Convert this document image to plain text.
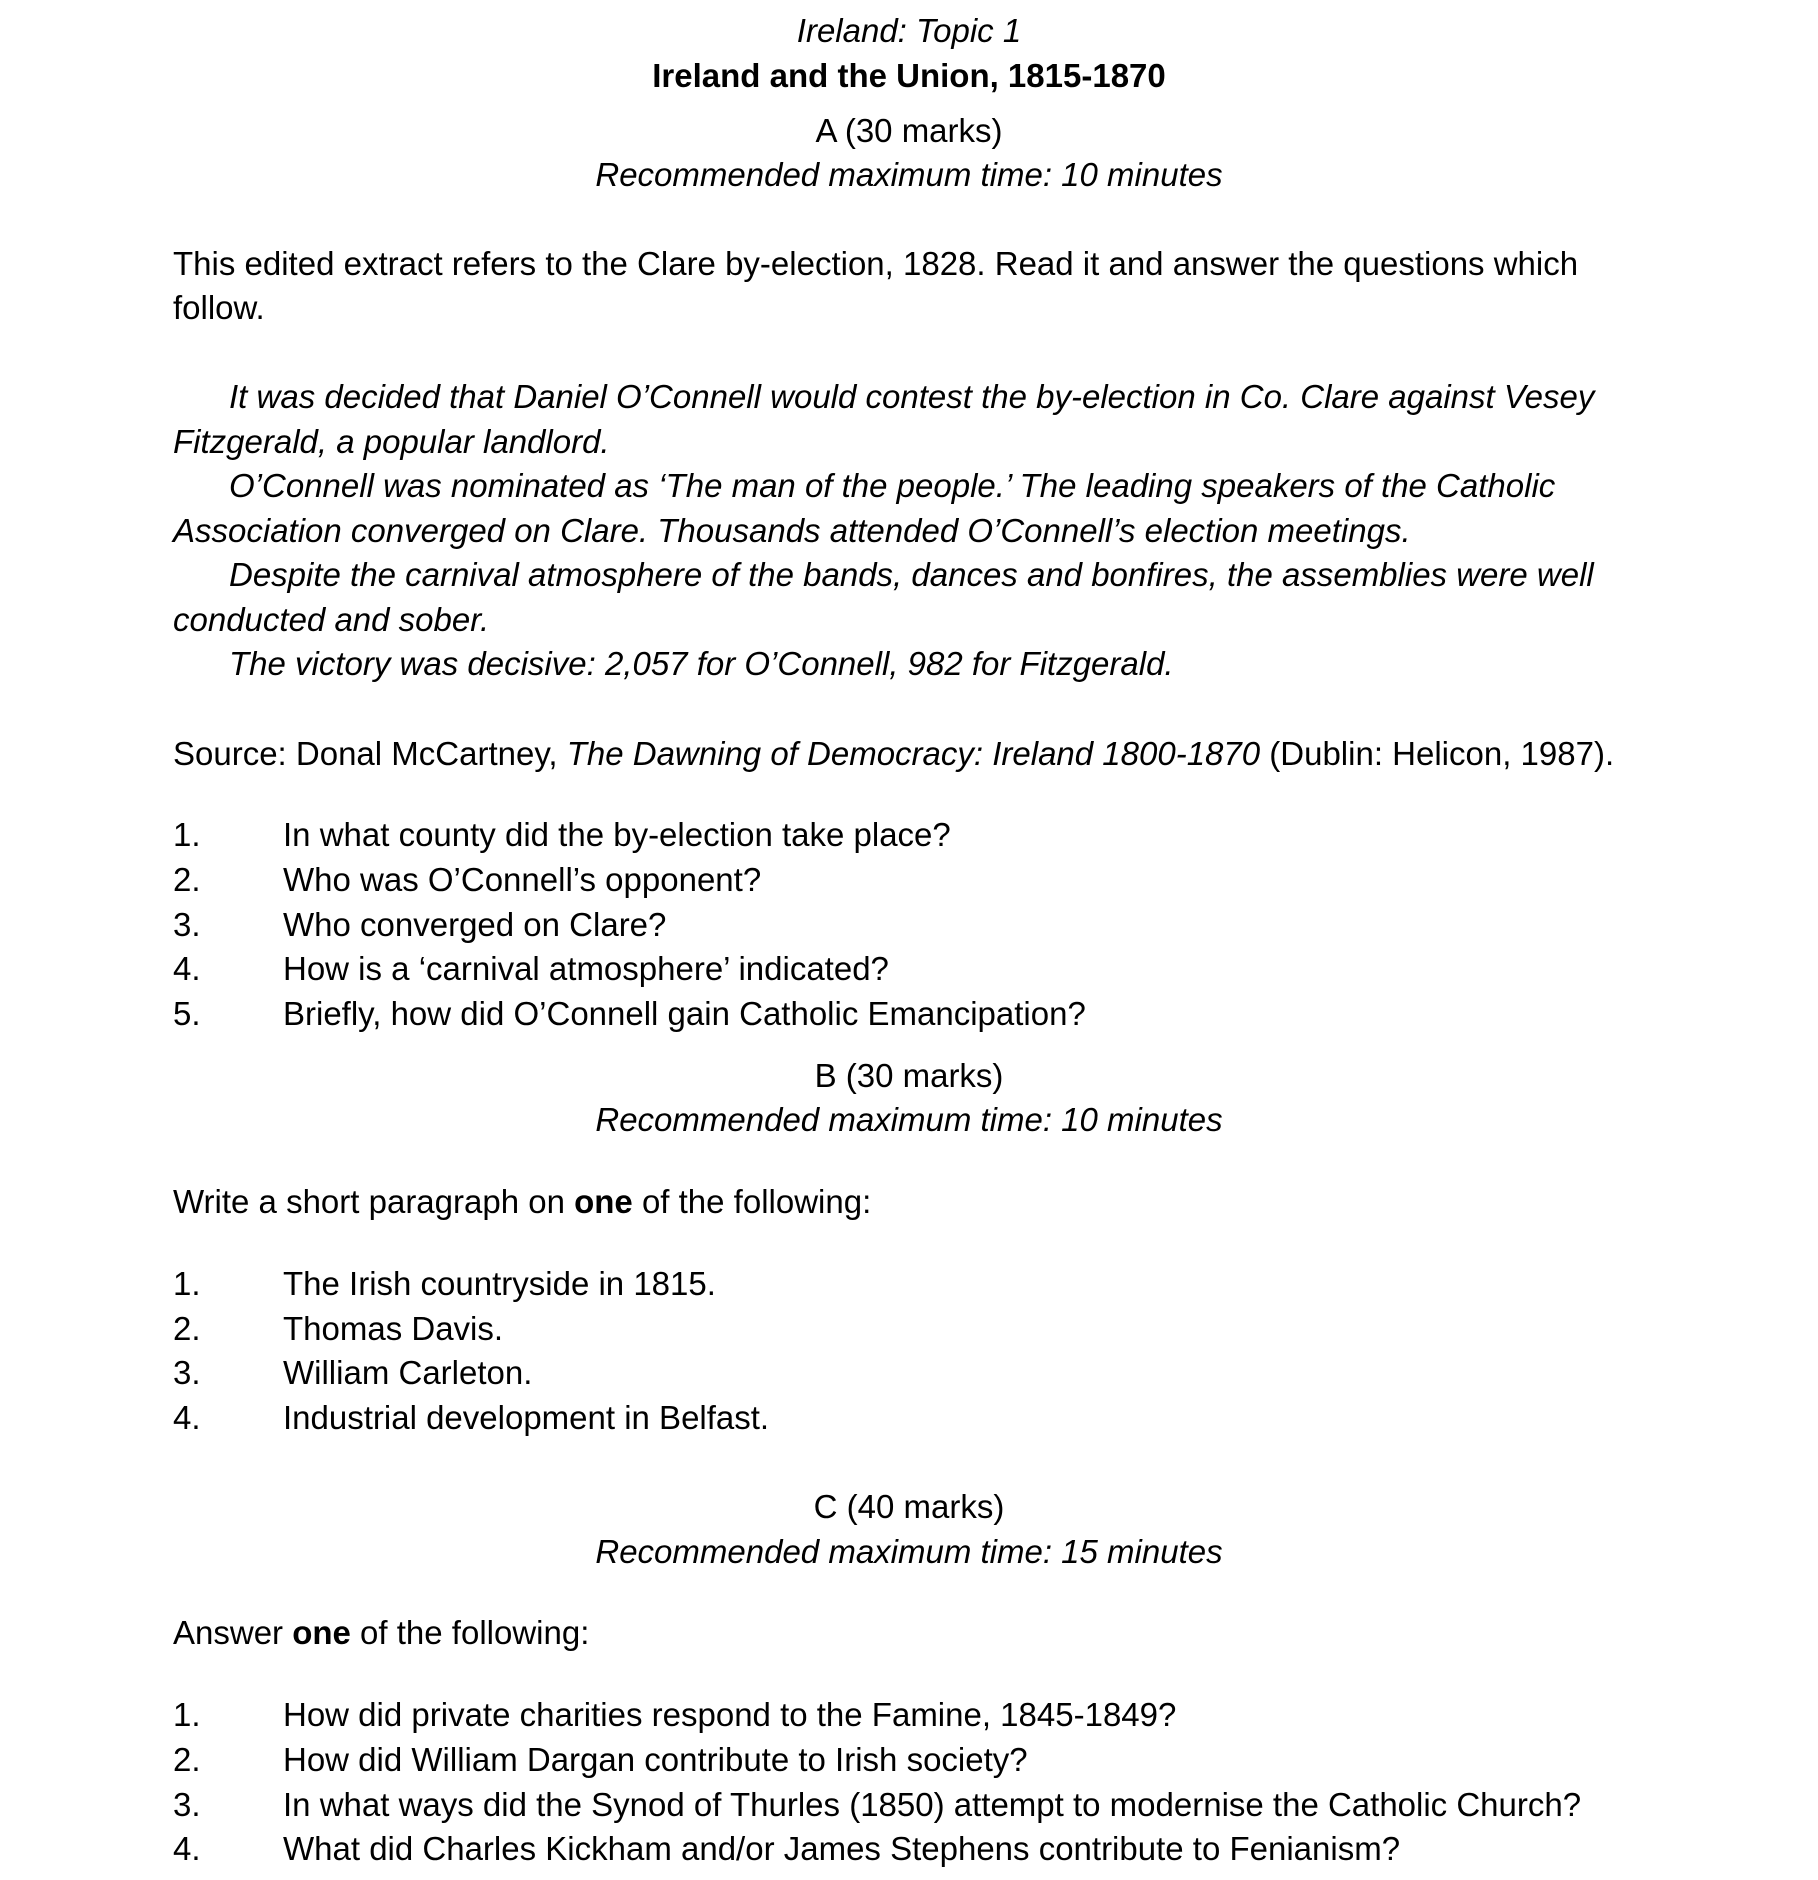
Ireland: Topic 1
Ireland and the Union, 1815-1870
A (30 marks)
Recommended maximum time: 10 minutes
This edited extract refers to the Clare by-election, 1828. Read it and answer the questions which
follow.
It was decided that Daniel O’Connell would contest the by-election in Co. Clare against Vesey
Fitzgerald, a popular landlord.
O’Connell was nominated as ‘The man of the people.’ The leading speakers of the Catholic
Association converged on Clare. Thousands attended O’Connell’s election meetings.
Despite the carnival atmosphere of the bands, dances and bonfires, the assemblies were well
conducted and sober.
The victory was decisive: 2,057 for O’Connell, 982 for Fitzgerald.
Source: Donal McCartney, The Dawning of Democracy: Ireland 1800-1870 (Dublin: Helicon, 1987).
1. In what county did the by-election take place?
2. Who was O’Connell’s opponent?
3. Who converged on Clare?
4. How is a ‘carnival atmosphere’ indicated?
5. Briefly, how did O’Connell gain Catholic Emancipation?
B (30 marks)
Recommended maximum time: 10 minutes
Write a short paragraph on one of the following:
1. The Irish countryside in 1815.
2. Thomas Davis.
3. William Carleton.
4. Industrial development in Belfast.
C (40 marks)
Recommended maximum time: 15 minutes
Answer one of the following:
1. How did private charities respond to the Famine, 1845-1849?
2. How did William Dargan contribute to Irish society?
3. In what ways did the Synod of Thurles (1850) attempt to modernise the Catholic Church?
4. What did Charles Kickham and/or James Stephens contribute to Fenianism?
